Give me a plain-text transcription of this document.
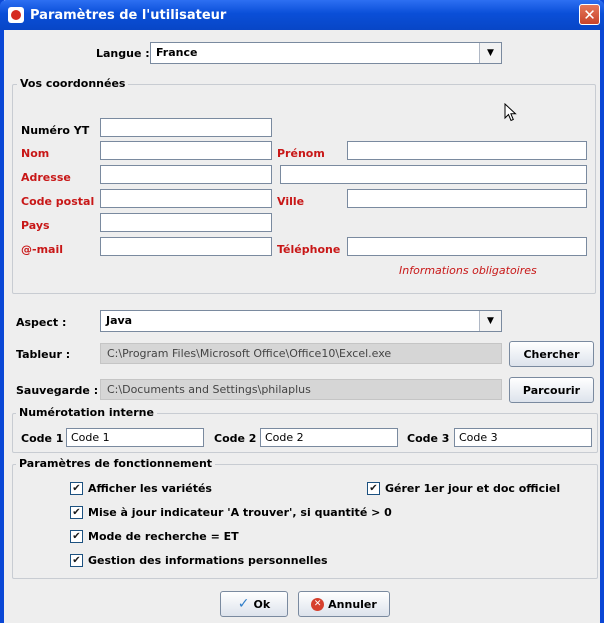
Paramètres de l'utilisateur	✕
Langue : France	▼
Vos coordonnées
Numéro YT
Nom	Prénom
Adresse
Code postal	Ville
Pays
@-mail	Téléphone
Informations obligatoires
Aspect :	Java	▼
Tableur :	C:\Program Files\Microsoft Office\Office10\Excel.exe	Chercher
Sauvegarde : C:\Documents and Settings\philaplus	Parcourir
Numérotation interne
Code 1 Code 1	Code 2 Code 2	Code 3 Code 3
Paramètres de fonctionnement
✔ Afficher les variétés	✔ Gérer 1er jour et doc officiel
✔ Mise à jour indicateur 'A trouver', si quantité > 0
✔ Mode de recherche = ET
✔ Gestion des informations personnelles
✓ Ok	✕ Annuler
